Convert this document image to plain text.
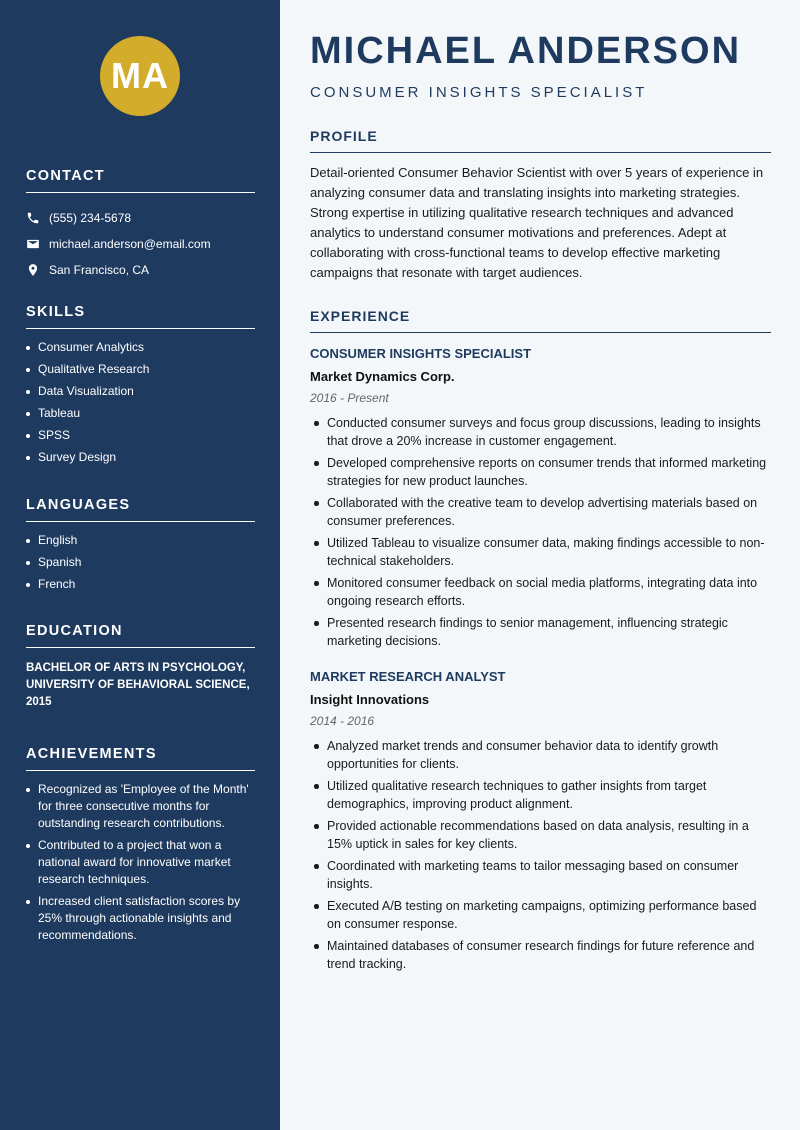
MA
CONTACT
(555) 234-5678
michael.anderson@email.com
San Francisco, CA
SKILLS
Consumer Analytics
Qualitative Research
Data Visualization
Tableau
SPSS
Survey Design
LANGUAGES
English
Spanish
French
EDUCATION
BACHELOR OF ARTS IN PSYCHOLOGY, UNIVERSITY OF BEHAVIORAL SCIENCE, 2015
ACHIEVEMENTS
Recognized as 'Employee of the Month' for three consecutive months for outstanding research contributions.
Contributed to a project that won a national award for innovative market research techniques.
Increased client satisfaction scores by 25% through actionable insights and recommendations.
MICHAEL ANDERSON
CONSUMER INSIGHTS SPECIALIST
PROFILE

Detail-oriented Consumer Behavior Scientist with over 5 years of experience in analyzing consumer data and translating insights into marketing strategies. Strong expertise in utilizing qualitative research techniques and advanced analytics to understand consumer motivations and preferences. Adept at collaborating with cross-functional teams to develop effective marketing campaigns that resonate with target audiences.

EXPERIENCE
CONSUMER INSIGHTS SPECIALIST
Market Dynamics Corp.
2016 - Present
Conducted consumer surveys and focus group discussions, leading to insights that drove a 20% increase in customer engagement.
Developed comprehensive reports on consumer trends that informed marketing strategies for new product launches.
Collaborated with the creative team to develop advertising materials based on consumer preferences.
Utilized Tableau to visualize consumer data, making findings accessible to non-technical stakeholders.
Monitored consumer feedback on social media platforms, integrating data into ongoing research efforts.
Presented research findings to senior management, influencing strategic marketing decisions.
MARKET RESEARCH ANALYST
Insight Innovations
2014 - 2016
Analyzed market trends and consumer behavior data to identify growth opportunities for clients.
Utilized qualitative research techniques to gather insights from target demographics, improving product alignment.
Provided actionable recommendations based on data analysis, resulting in a 15% uptick in sales for key clients.
Coordinated with marketing teams to tailor messaging based on consumer insights.
Executed A/B testing on marketing campaigns, optimizing performance based on consumer response.
Maintained databases of consumer research findings for future reference and trend tracking.
